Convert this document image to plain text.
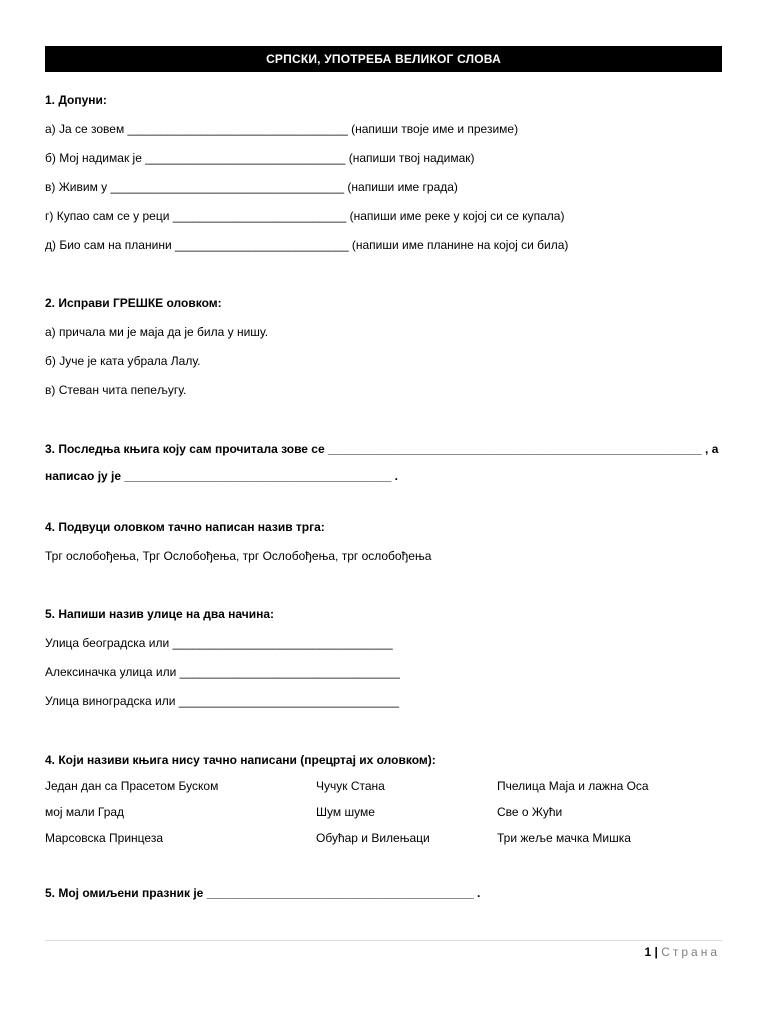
СРПСКИ, УПОТРЕБА ВЕЛИКОГ СЛОВА
1. Допуни:
а) Ја се зовем _________________________________ (напиши твоје име и презиме)
б) Мој надимак је ______________________________ (напиши твој надимак)
в) Живим у ___________________________________ (напиши име града)
г) Купао сам се у реци __________________________ (напиши име реке у којој си се купала)
д) Био сам на планини __________________________ (напиши име планине на којој си била)
2. Исправи ГРЕШКЕ оловком:
а) причала ми је маја да је била у нишу.
б) Јуче је ката убрала Лалу.
в) Стеван чита пепељугу.
3. Последња књига коју сам прочитала зове се ________________________________________________________ , а
написао ју је ________________________________________ .
4. Подвуци оловком тачно написан назив трга:
Трг ослобођења, Трг Ослобођења, трг Ослобођења, трг ослобођења
5. Напиши назив улице на два начина:
Улица београдска или _________________________________
Алексиначка улица или _________________________________
Улица виноградска или _________________________________
4. Који називи књига нису тачно написани (прецртај их оловком):
Један дан са Прасетом Буском	Чучук Стана	Пчелица Маја и лажна Оса
мој мали Град	Шум шуме	Све о Жући
Марсовска Принцеза	Обућар и Вилењаци	Три жеље мачка Мишка
5. Мој омиљени празник је ________________________________________ .
1 | Страна
